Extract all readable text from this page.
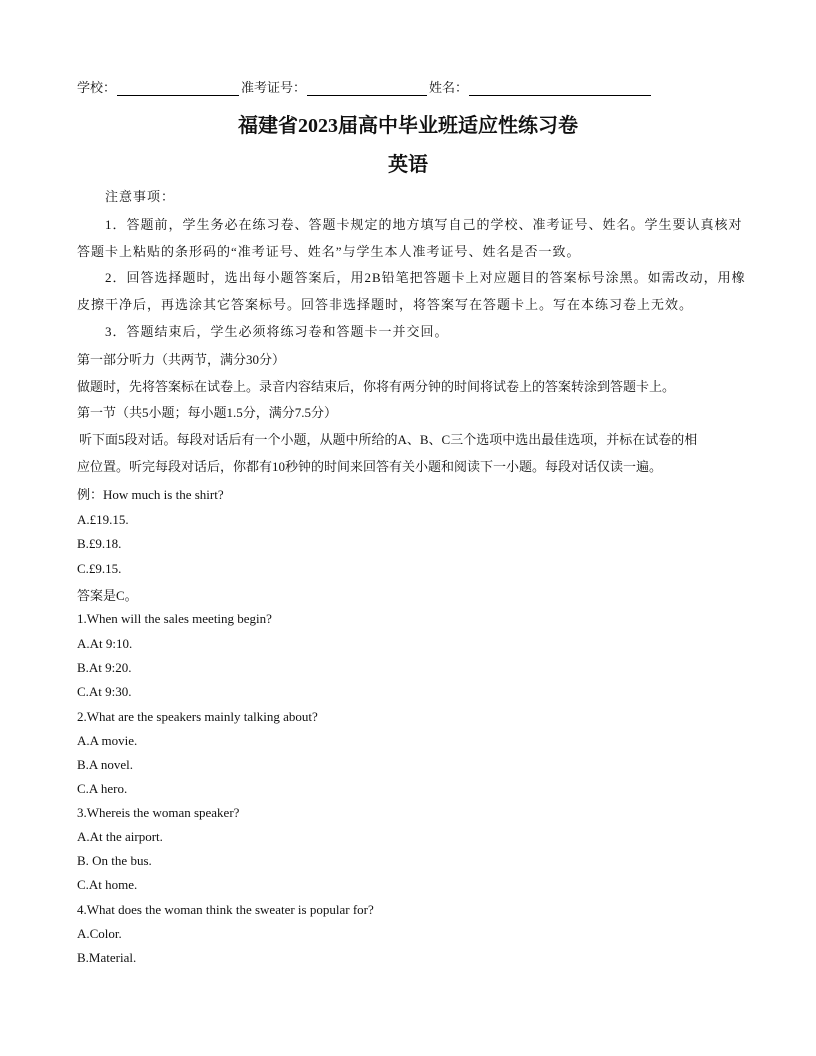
学校：	准考证号：	姓名：
福建省2023届高中毕业班适应性练习卷
英语
注意事项：
1．答题前，学生务必在练习卷、答题卡规定的地方填写自己的学校、准考证号、姓名。学生要认真核对
答题卡上粘贴的条形码的“准考证号、姓名”与学生本人准考证号、姓名是否一致。
2．回答选择题时，选出每小题答案后，用2B铅笔把答题卡上对应题目的答案标号涂黑。如需改动，用橡
皮擦干净后，再选涂其它答案标号。回答非选择题时，将答案写在答题卡上。写在本练习卷上无效。
3．答题结束后，学生必须将练习卷和答题卡一并交回。
第一部分听力（共两节，满分30分）
做题时，先将答案标在试卷上。录音内容结束后，你将有两分钟的时间将试卷上的答案转涂到答题卡上。
第一节（共5小题；每小题1.5分，满分7.5分）
听下面5段对话。每段对话后有一个小题，从题中所给的A、B、C三个选项中选出最佳选项，并标在试卷的相
应位置。听完每段对话后，你都有10秒钟的时间来回答有关小题和阅读下一小题。每段对话仅读一遍。
例：How much is the shirt?
A.£19.15.
B.£9.18.
C.£9.15.
答案是C。
1.When will the sales meeting begin?
A.At 9:10.
B.At 9:20.
C.At 9:30.
2.What are the speakers mainly talking about?
A.A movie.
B.A novel.
C.A hero.
3.Whereis the woman speaker?
A.At the airport.
B. On the bus.
C.At home.
4.What does the woman think the sweater is popular for?
A.Color.
B.Material.
